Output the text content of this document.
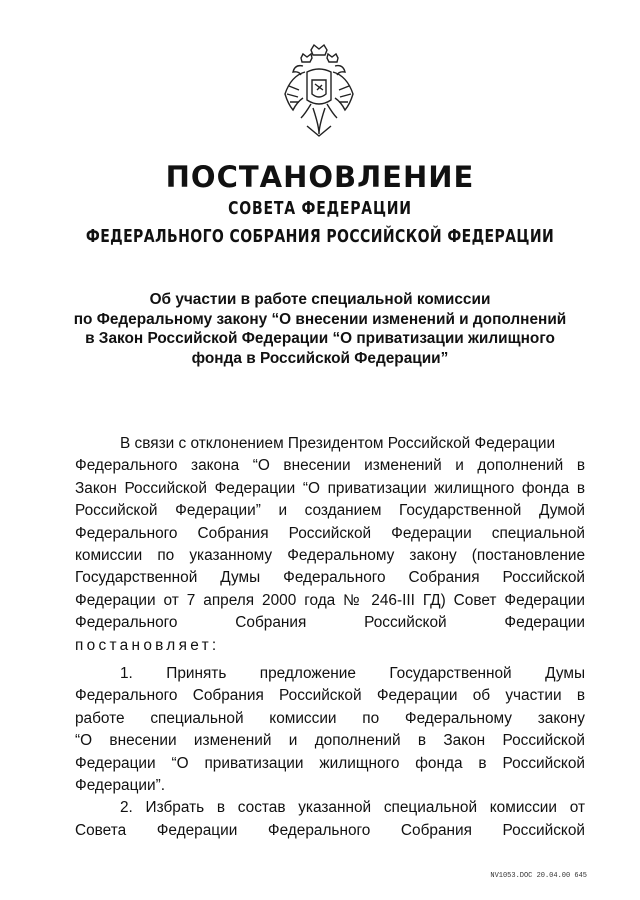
ПОСТАНОВЛЕНИЕ
СОВЕТА ФЕДЕРАЦИИ
ФЕДЕРАЛЬНОГО СОБРАНИЯ РОССИЙСКОЙ ФЕДЕРАЦИИ
Об участии в работе специальной комиссии
по Федеральному закону “О внесении изменений и дополнений
в Закон Российской Федерации “О приватизации жилищного
фонда в Российской Федерации”
В связи с отклонением Президентом Российской Федерации
Федерального закона “О внесении изменений и дополнений в
Закон Российской Федерации “О приватизации жилищного фонда в
Российской Федерации” и созданием Государственной Думой
Федерального Собрания Российской Федерации специальной
комиссии по указанному Федеральному закону (постановление
Государственной Думы Федерального Собрания Российской
Федерации от 7 апреля 2000 года № 246-III ГД) Совет Федерации
Федерального Собрания Российской Федерации
постановляет:
1. Принять предложение Государственной Думы
Федерального Собрания Российской Федерации об участии в
работе специальной комиссии по Федеральному закону
“О внесении изменений и дополнений в Закон Российской
Федерации “О приватизации жилищного фонда в Российской
Федерации”.
2. Избрать в состав указанной специальной комиссии от
Совета Федерации Федерального Собрания Российской
NV1053.DOC 20.04.00 645
